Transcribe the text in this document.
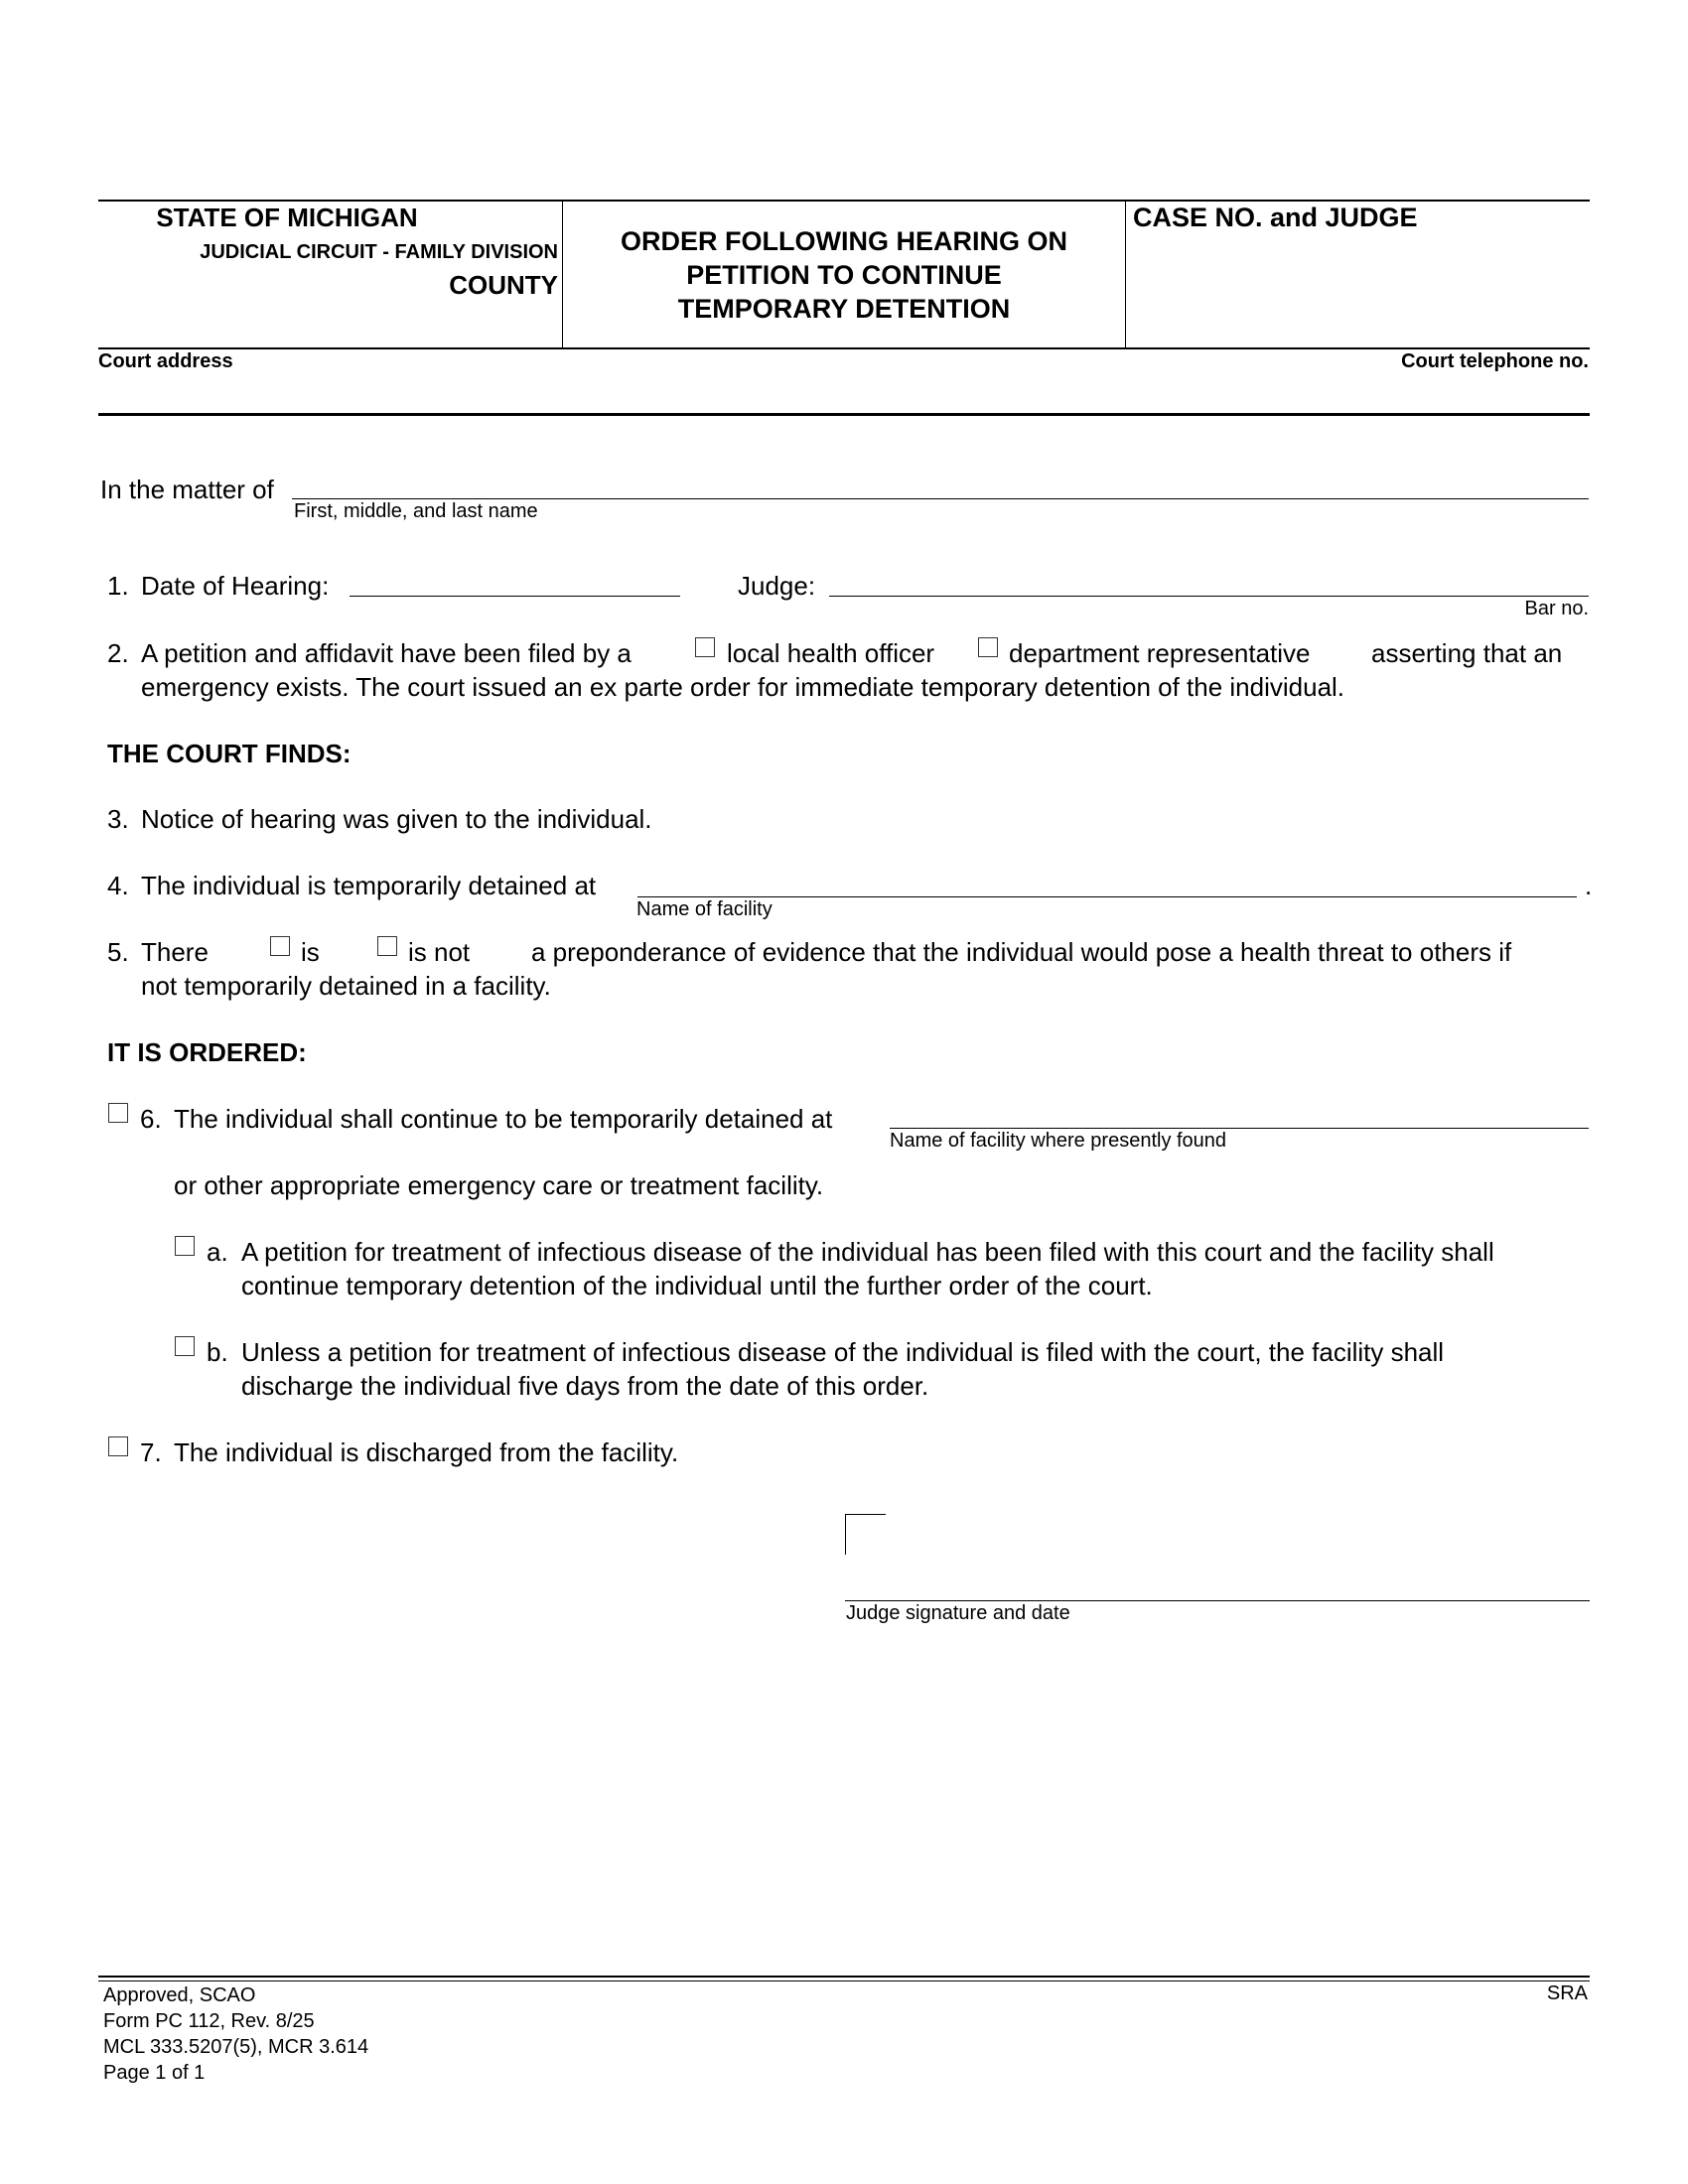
STATE OF MICHIGAN
JUDICIAL CIRCUIT - FAMILY DIVISION
COUNTY
ORDER FOLLOWING HEARING ON
PETITION TO CONTINUE
TEMPORARY DETENTION
CASE NO. and JUDGE
Court address	Court telephone no.
In the matter of
First, middle, and last name
1. Date of Hearing:	Judge:
Bar no.
2. A petition and affidavit have been filed by a	local health officer	department representative asserting that an
emergency exists. The court issued an ex parte order for immediate temporary detention of the individual.
THE COURT FINDS:
3. Notice of hearing was given to the individual.
4. The individual is temporarily detained at	.
Name of facility
5. There	is	is not a preponderance of evidence that the individual would pose a health threat to others if
not temporarily detained in a facility.
IT IS ORDERED:
6. The individual shall continue to be temporarily detained at
Name of facility where presently found
or other appropriate emergency care or treatment facility.
a. A petition for treatment of infectious disease of the individual has been filed with this court and the facility shall
continue temporary detention of the individual until the further order of the court.
b. Unless a petition for treatment of infectious disease of the individual is filed with the court, the facility shall
discharge the individual five days from the date of this order.
7. The individual is discharged from the facility.
Judge signature and date
Approved, SCAO
Form PC 112, Rev. 8/25
MCL 333.5207(5), MCR 3.614
Page 1 of 1
SRA
